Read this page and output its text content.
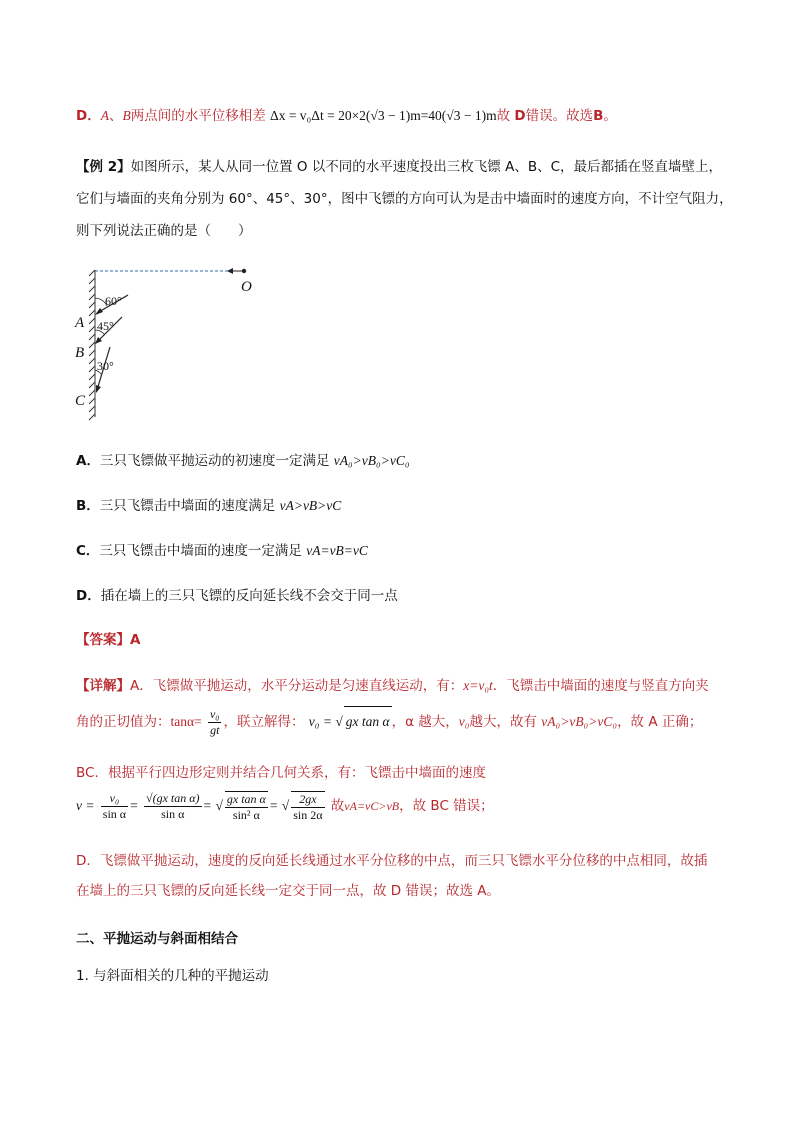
D．A、B两点间的水平位移相差 Δx = v₀Δt = 20×2(√3 − 1)m=40(√3 − 1)m故 D错误。故选B。
【例 2】如图所示，某人从同一位置 O 以不同的水平速度投出三枚飞镖 A、B、C，最后都插在竖直墙壁上，
它们与墙面的夹角分别为 60°、45°、30°，图中飞镖的方向可认为是击中墙面时的速度方向，不计空气阻力，
则下列说法正确的是（　　）
O
60°
A 45°
B
30°
C
A．三只飞镖做平抛运动的初速度一定满足 vA₀>vB₀>vC₀
B．三只飞镖击中墙面的速度满足 vA>vB>vC
C．三只飞镖击中墙面的速度一定满足 vA=vB=vC
D．插在墙上的三只飞镖的反向延长线不会交于同一点
【答案】A
【详解】A．飞镖做平抛运动，水平分运动是匀速直线运动，有：x=v₀t．飞镖击中墙面的速度与竖直方向夹
角的正切值为：$\tan\alpha= \frac{\text{v₀}}{gt}$ ，联立解得： v₀ = √ gx tan α ，α 越大，v₀越大，故有 vA₀>vB₀>vC₀，故 A 正确；
BC．根据平行四边形定则并结合几何关系，有：飞镖击中墙面的速度
$v = \frac{\text{v₀}}{\text{sin α}} = \frac{\text{√(gx tan α)}}{\text{sin α}}$ = √ $\frac{\text{gx tan α}}{\text{sin² α}}$ = √ $\frac{2gx}{\sin 2\alpha}$ 故vA=vC>vB，故 BC 错误；
D．飞镖做平抛运动，速度的反向延长线通过水平分位移的中点，而三只飞镖水平分位移的中点相同，故插
在墙上的三只飞镖的反向延长线一定交于同一点，故 D 错误；故选 A。
二、平抛运动与斜面相结合
1. 与斜面相关的几种的平抛运动
